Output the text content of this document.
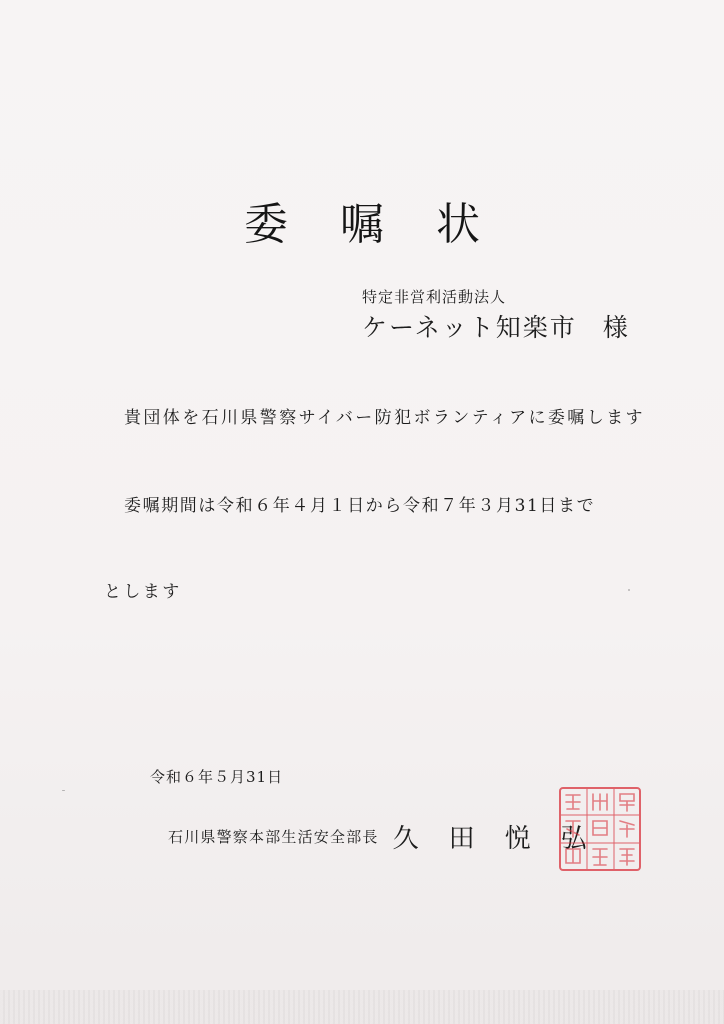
委嘱状
特定非営利活動法人
ケーネット知楽市 様
貴団体を石川県警察サイバー防犯ボランティアに委嘱します
委嘱期間は令和６年４月１日から令和７年３月31日まで
とします
令和６年５月31日
石川県警察本部生活安全部長 久田悦弘
